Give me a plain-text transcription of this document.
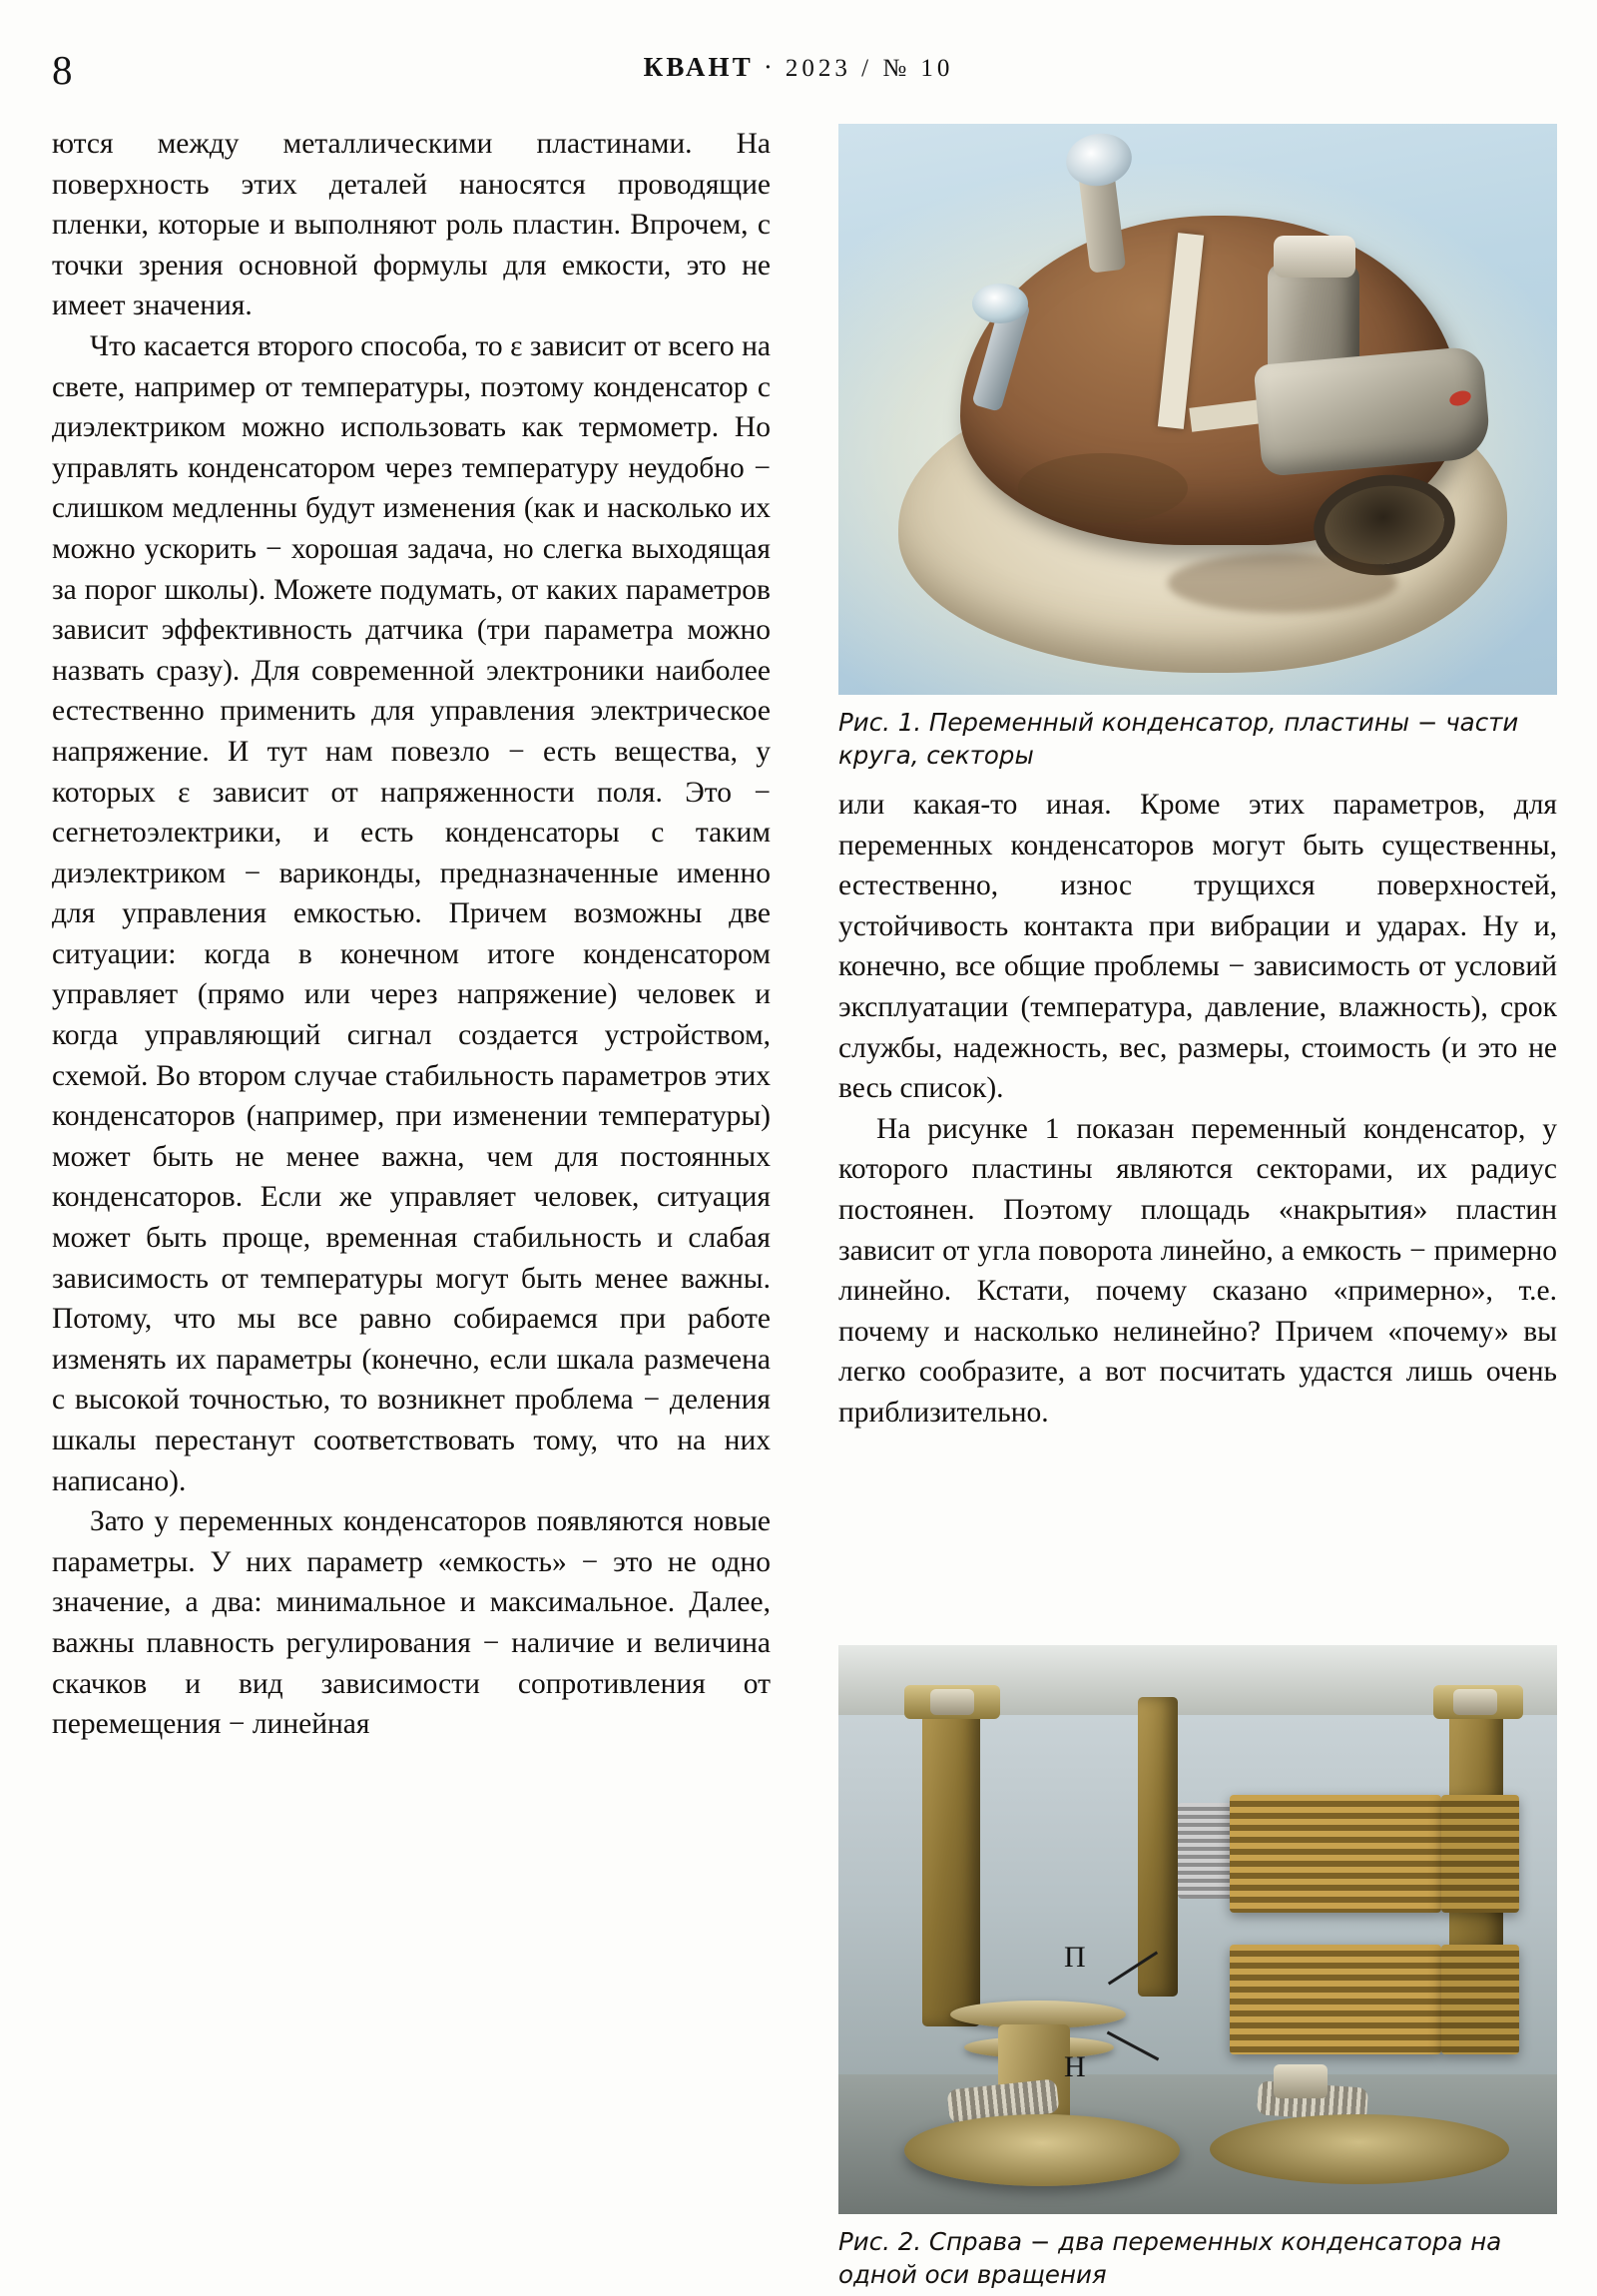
8	КВАНТ · 2023 / № 10

ются между металлическими пластинами. На поверхность этих деталей наносятся проводящие пленки, которые и выполняют роль пластин. Впрочем, с точки зрения основной формулы для емкости, это не имеет значения.

Что касается второго способа, то ε зависит от всего на свете, например от температуры, поэтому конденсатор с диэлектриком можно использовать как термометр. Но управлять конденсатором через температуру неудобно − слишком медленны будут изменения (как и насколько их можно ускорить − хорошая задача, но слегка выходящая за порог школы). Можете подумать, от каких параметров зависит эффективность датчика (три параметра можно назвать сразу). Для современной электроники наиболее естественно применить для управления электрическое напряжение. И тут нам повезло − есть вещества, у которых ε зависит от напряженности поля. Это − сегнетоэлектрики, и есть конденсаторы с таким диэлектриком − вариконды, предназначенные именно для управления емкостью. Причем возможны две ситуации: когда в конечном итоге конденсатором управляет (прямо или через напряжение) человек и когда управляющий сигнал создается устройством, схемой. Во втором случае стабильность параметров этих конденсаторов (например, при изменении температуры) может быть не менее важна, чем для постоянных конденсаторов. Если же управляет человек, ситуация может быть проще, временная стабильность и слабая зависимость от температуры могут быть менее важны. Потому, что мы все равно собираемся при работе изменять их параметры (конечно, если шкала размечена с высокой точностью, то возникнет проблема − деления шкалы перестанут соответствовать тому, что на них написано).

Зато у переменных конденсаторов появляются новые параметры. У них параметр «емкость» − это не одно значение, а два: минимальное и максимальное. Далее, важны плавность регулирования − наличие и величина скачков и вид зависимости сопротивления от перемещения − линейная

Рис. 1. Переменный конденсатор, пластины − части круга, секторы

или какая-то иная. Кроме этих параметров, для переменных конденсаторов могут быть существенны, естественно, износ трущихся поверхностей, устойчивость контакта при вибрации и ударах. Ну и, конечно, все общие проблемы − зависимость от условий эксплуатации (температура, давление, влажность), срок службы, надежность, вес, размеры, стоимость (и это не весь список).

На рисунке 1 показан переменный конденсатор, у которого пластины являются секторами, их радиус постоянен. Поэтому площадь «накрытия» пластин зависит от угла поворота линейно, а емкость − примерно линейно. Кстати, почему сказано «примерно», т.е. почему и насколько нелинейно? Причем «почему» вы легко сообразите, а вот посчитать удастся лишь очень приблизительно.

П
Н
Рис. 2. Справа − два переменных конденсатора на одной оси вращения
